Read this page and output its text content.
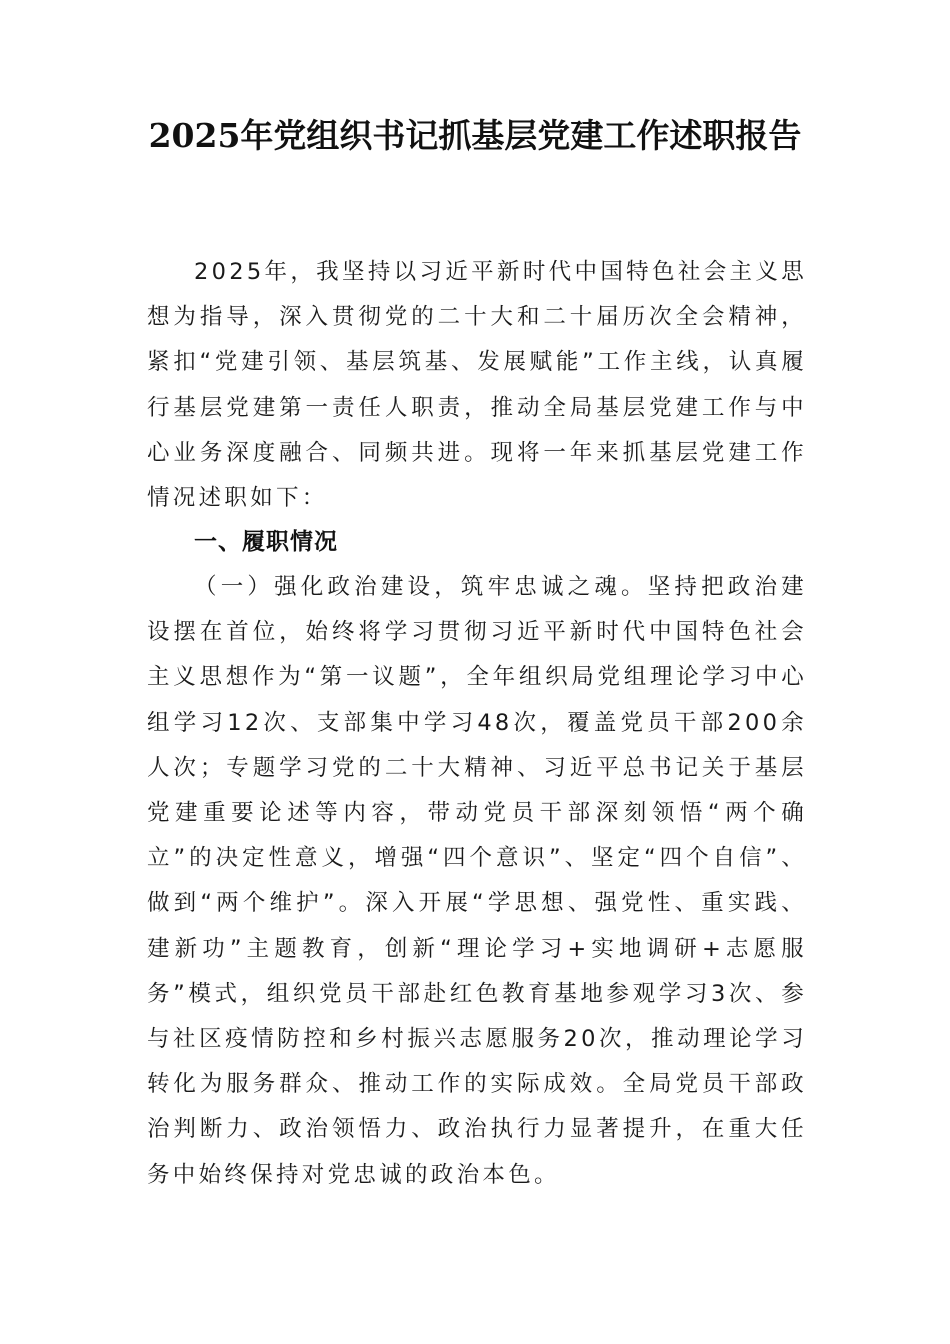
2025年党组织书记抓基层党建工作述职报告

2025年，我坚持以习近平新时代中国特色社会主义思想为指导，深入贯彻党的二十大和二十届历次全会精神，紧扣“党建引领、基层筑基、发展赋能”工作主线，认真履行基层党建第一责任人职责，推动全局基层党建工作与中心业务深度融合、同频共进。现将一年来抓基层党建工作情况述职如下：

一、履职情况

（一）强化政治建设，筑牢忠诚之魂。坚持把政治建设摆在首位，始终将学习贯彻习近平新时代中国特色社会主义思想作为“第一议题”，全年组织局党组理论学习中心组学习12次、支部集中学习48次，覆盖党员干部200余人次；专题学习党的二十大精神、习近平总书记关于基层党建重要论述等内容，带动党员干部深刻领悟“两个确立”的决定性意义，增强“四个意识”、坚定“四个自信”、做到“两个维护”。深入开展“学思想、强党性、重实践、建新功”主题教育，创新“理论学习+实地调研+志愿服务”模式，组织党员干部赴红色教育基地参观学习3次、参与社区疫情防控和乡村振兴志愿服务20次，推动理论学习转化为服务群众、推动工作的实际成效。全局党员干部政治判断力、政治领悟力、政治执行力显著提升，在重大任务中始终保持对党忠诚的政治本色。
